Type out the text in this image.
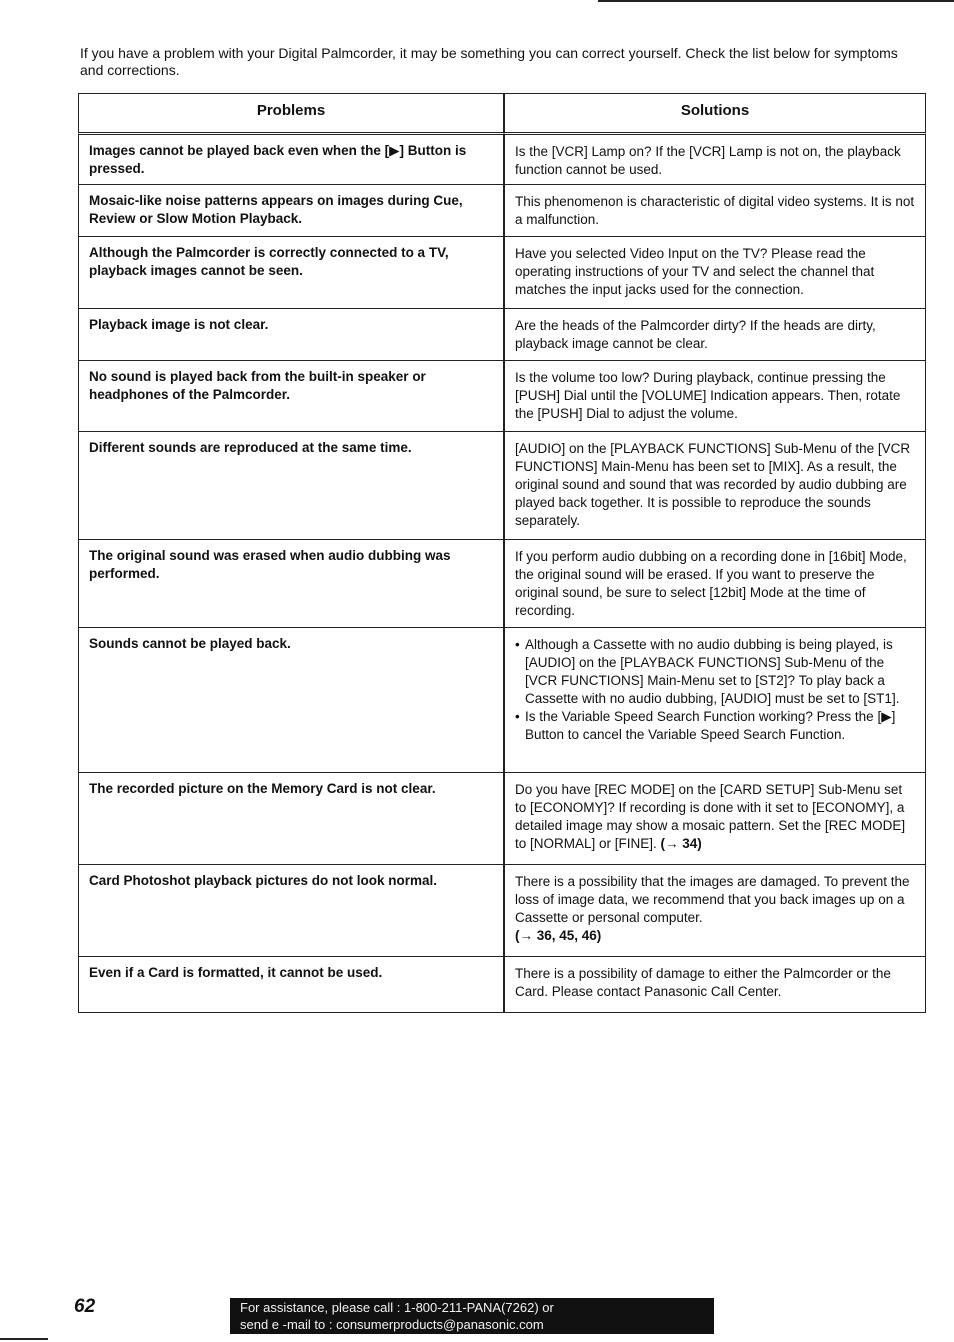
If you have a problem with your Digital Palmcorder, it may be something you can correct yourself. Check the list below for symptoms and corrections.
Problems	Solutions
Images cannot be played back even when the [▶] Button is pressed.
Is the [VCR] Lamp on? If the [VCR] Lamp is not on, the playback function cannot be used.
Mosaic-like noise patterns appears on images during Cue, Review or Slow Motion Playback.
This phenomenon is characteristic of digital video systems. It is not a malfunction.
Although the Palmcorder is correctly connected to a TV, playback images cannot be seen.
Have you selected Video Input on the TV? Please read the operating instructions of your TV and select the channel that matches the input jacks used for the connection.
Playback image is not clear.	Are the heads of the Palmcorder dirty? If the heads are dirty, playback image cannot be clear.
No sound is played back from the built-in speaker or headphones of the Palmcorder.
Is the volume too low? During playback, continue pressing the [PUSH] Dial until the [VOLUME] Indication appears. Then, rotate the [PUSH] Dial to adjust the volume.
Different sounds are reproduced at the same time.	[AUDIO] on the [PLAYBACK FUNCTIONS] Sub-Menu of the [VCR FUNCTIONS] Main-Menu has been set to [MIX]. As a result, the original sound and sound that was recorded by audio dubbing are played back together. It is possible to reproduce the sounds separately.
The original sound was erased when audio dubbing was performed.
If you perform audio dubbing on a recording done in [16bit] Mode, the original sound will be erased. If you want to preserve the original sound, be sure to select [12bit] Mode at the time of recording.
Sounds cannot be played back.
•	Although a Cassette with no audio dubbing is being played, is [AUDIO] on the [PLAYBACK FUNCTIONS] Sub-Menu of the [VCR FUNCTIONS] Main-Menu set to [ST2]? To play back a Cassette with no audio dubbing, [AUDIO] must be set to [ST1].
• Is the Variable Speed Search Function working? Press the [▶] Button to cancel the Variable Speed Search Function.
The recorded picture on the Memory Card is not clear.	Do you have [REC MODE] on the [CARD SETUP] Sub-Menu set to [ECONOMY]? If recording is done with it set to [ECONOMY], a detailed image may show a mosaic pattern. Set the [REC MODE] to [NORMAL] or [FINE]. (→ 34)
Card Photoshot playback pictures do not look normal.	There is a possibility that the images are damaged. To prevent the loss of image data, we recommend that you back images up on a Cassette or personal computer.
(→ 36, 45, 46)
Even if a Card is formatted, it cannot be used.	There is a possibility of damage to either the Palmcorder or the Card. Please contact Panasonic Call Center.
62	For assistance, please call : 1-800-211-PANA(7262) or
send e -mail to : consumerproducts@panasonic.com
